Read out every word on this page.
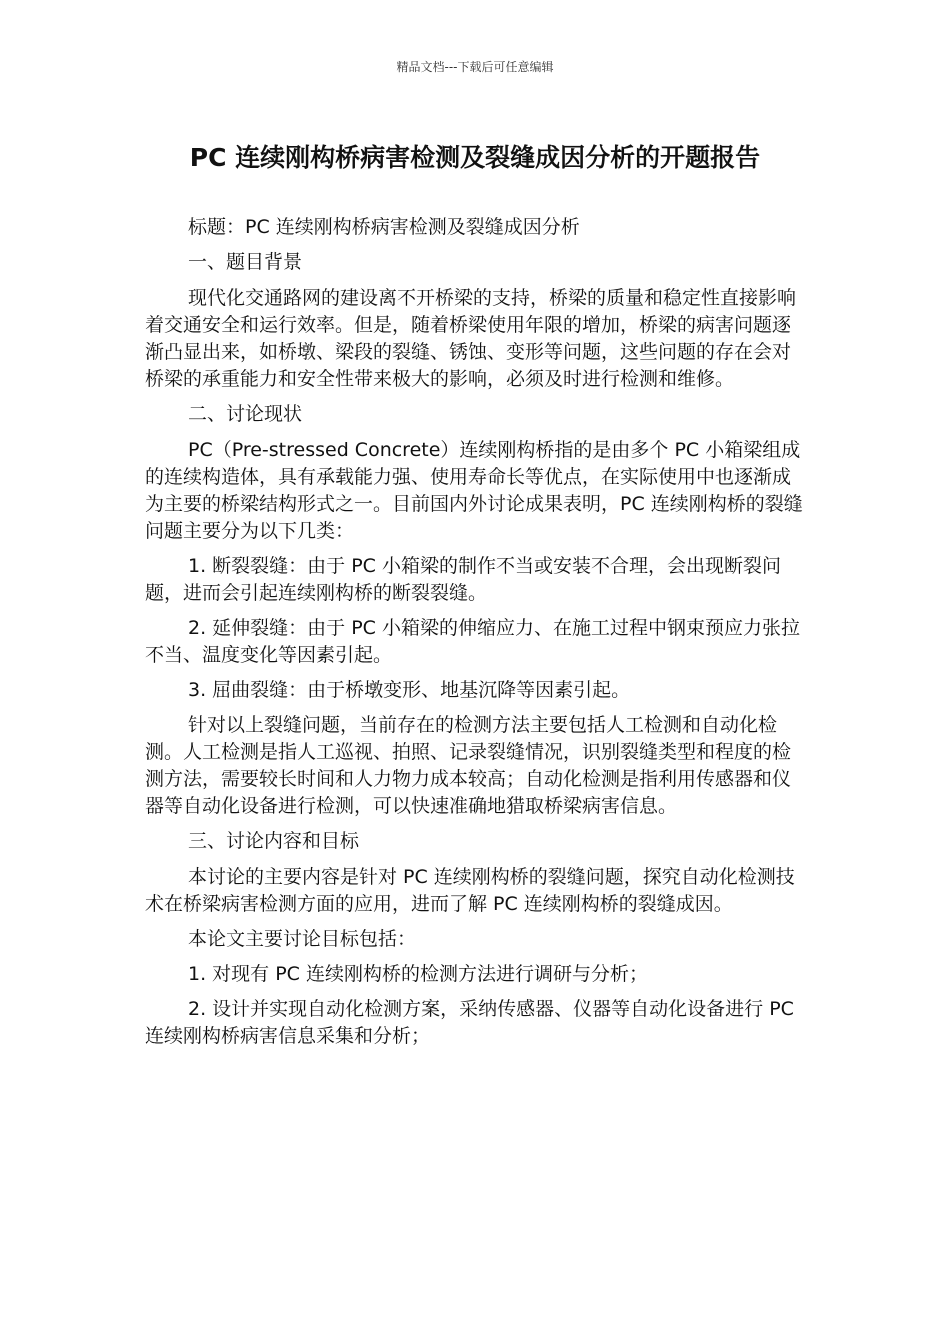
精品文档---下载后可任意编辑
PC 连续刚构桥病害检测及裂缝成因分析的开题报告

标题：PC 连续刚构桥病害检测及裂缝成因分析

一、题目背景

现代化交通路网的建设离不开桥梁的支持，桥梁的质量和稳定性直接影响着交通安全和运行效率。但是，随着桥梁使用年限的增加，桥梁的病害问题逐渐凸显出来，如桥墩、梁段的裂缝、锈蚀、变形等问题，这些问题的存在会对桥梁的承重能力和安全性带来极大的影响，必须及时进行检测和维修。

二、讨论现状

PC（Pre-stressed Concrete）连续刚构桥指的是由多个 PC 小箱梁组成的连续构造体，具有承载能力强、使用寿命长等优点，在实际使用中也逐渐成为主要的桥梁结构形式之一。目前国内外讨论成果表明，PC 连续刚构桥的裂缝问题主要分为以下几类：

1. 断裂裂缝：由于 PC 小箱梁的制作不当或安装不合理，会出现断裂问题，进而会引起连续刚构桥的断裂裂缝。

2. 延伸裂缝：由于 PC 小箱梁的伸缩应力、在施工过程中钢束预应力张拉不当、温度变化等因素引起。

3. 屈曲裂缝：由于桥墩变形、地基沉降等因素引起。

针对以上裂缝问题，当前存在的检测方法主要包括人工检测和自动化检测。人工检测是指人工巡视、拍照、记录裂缝情况，识别裂缝类型和程度的检测方法，需要较长时间和人力物力成本较高；自动化检测是指利用传感器和仪器等自动化设备进行检测，可以快速准确地猎取桥梁病害信息。

三、讨论内容和目标

本讨论的主要内容是针对 PC 连续刚构桥的裂缝问题，探究自动化检测技术在桥梁病害检测方面的应用，进而了解 PC 连续刚构桥的裂缝成因。

本论文主要讨论目标包括：

1. 对现有 PC 连续刚构桥的检测方法进行调研与分析；

2. 设计并实现自动化检测方案，采纳传感器、仪器等自动化设备进行 PC 连续刚构桥病害信息采集和分析；
